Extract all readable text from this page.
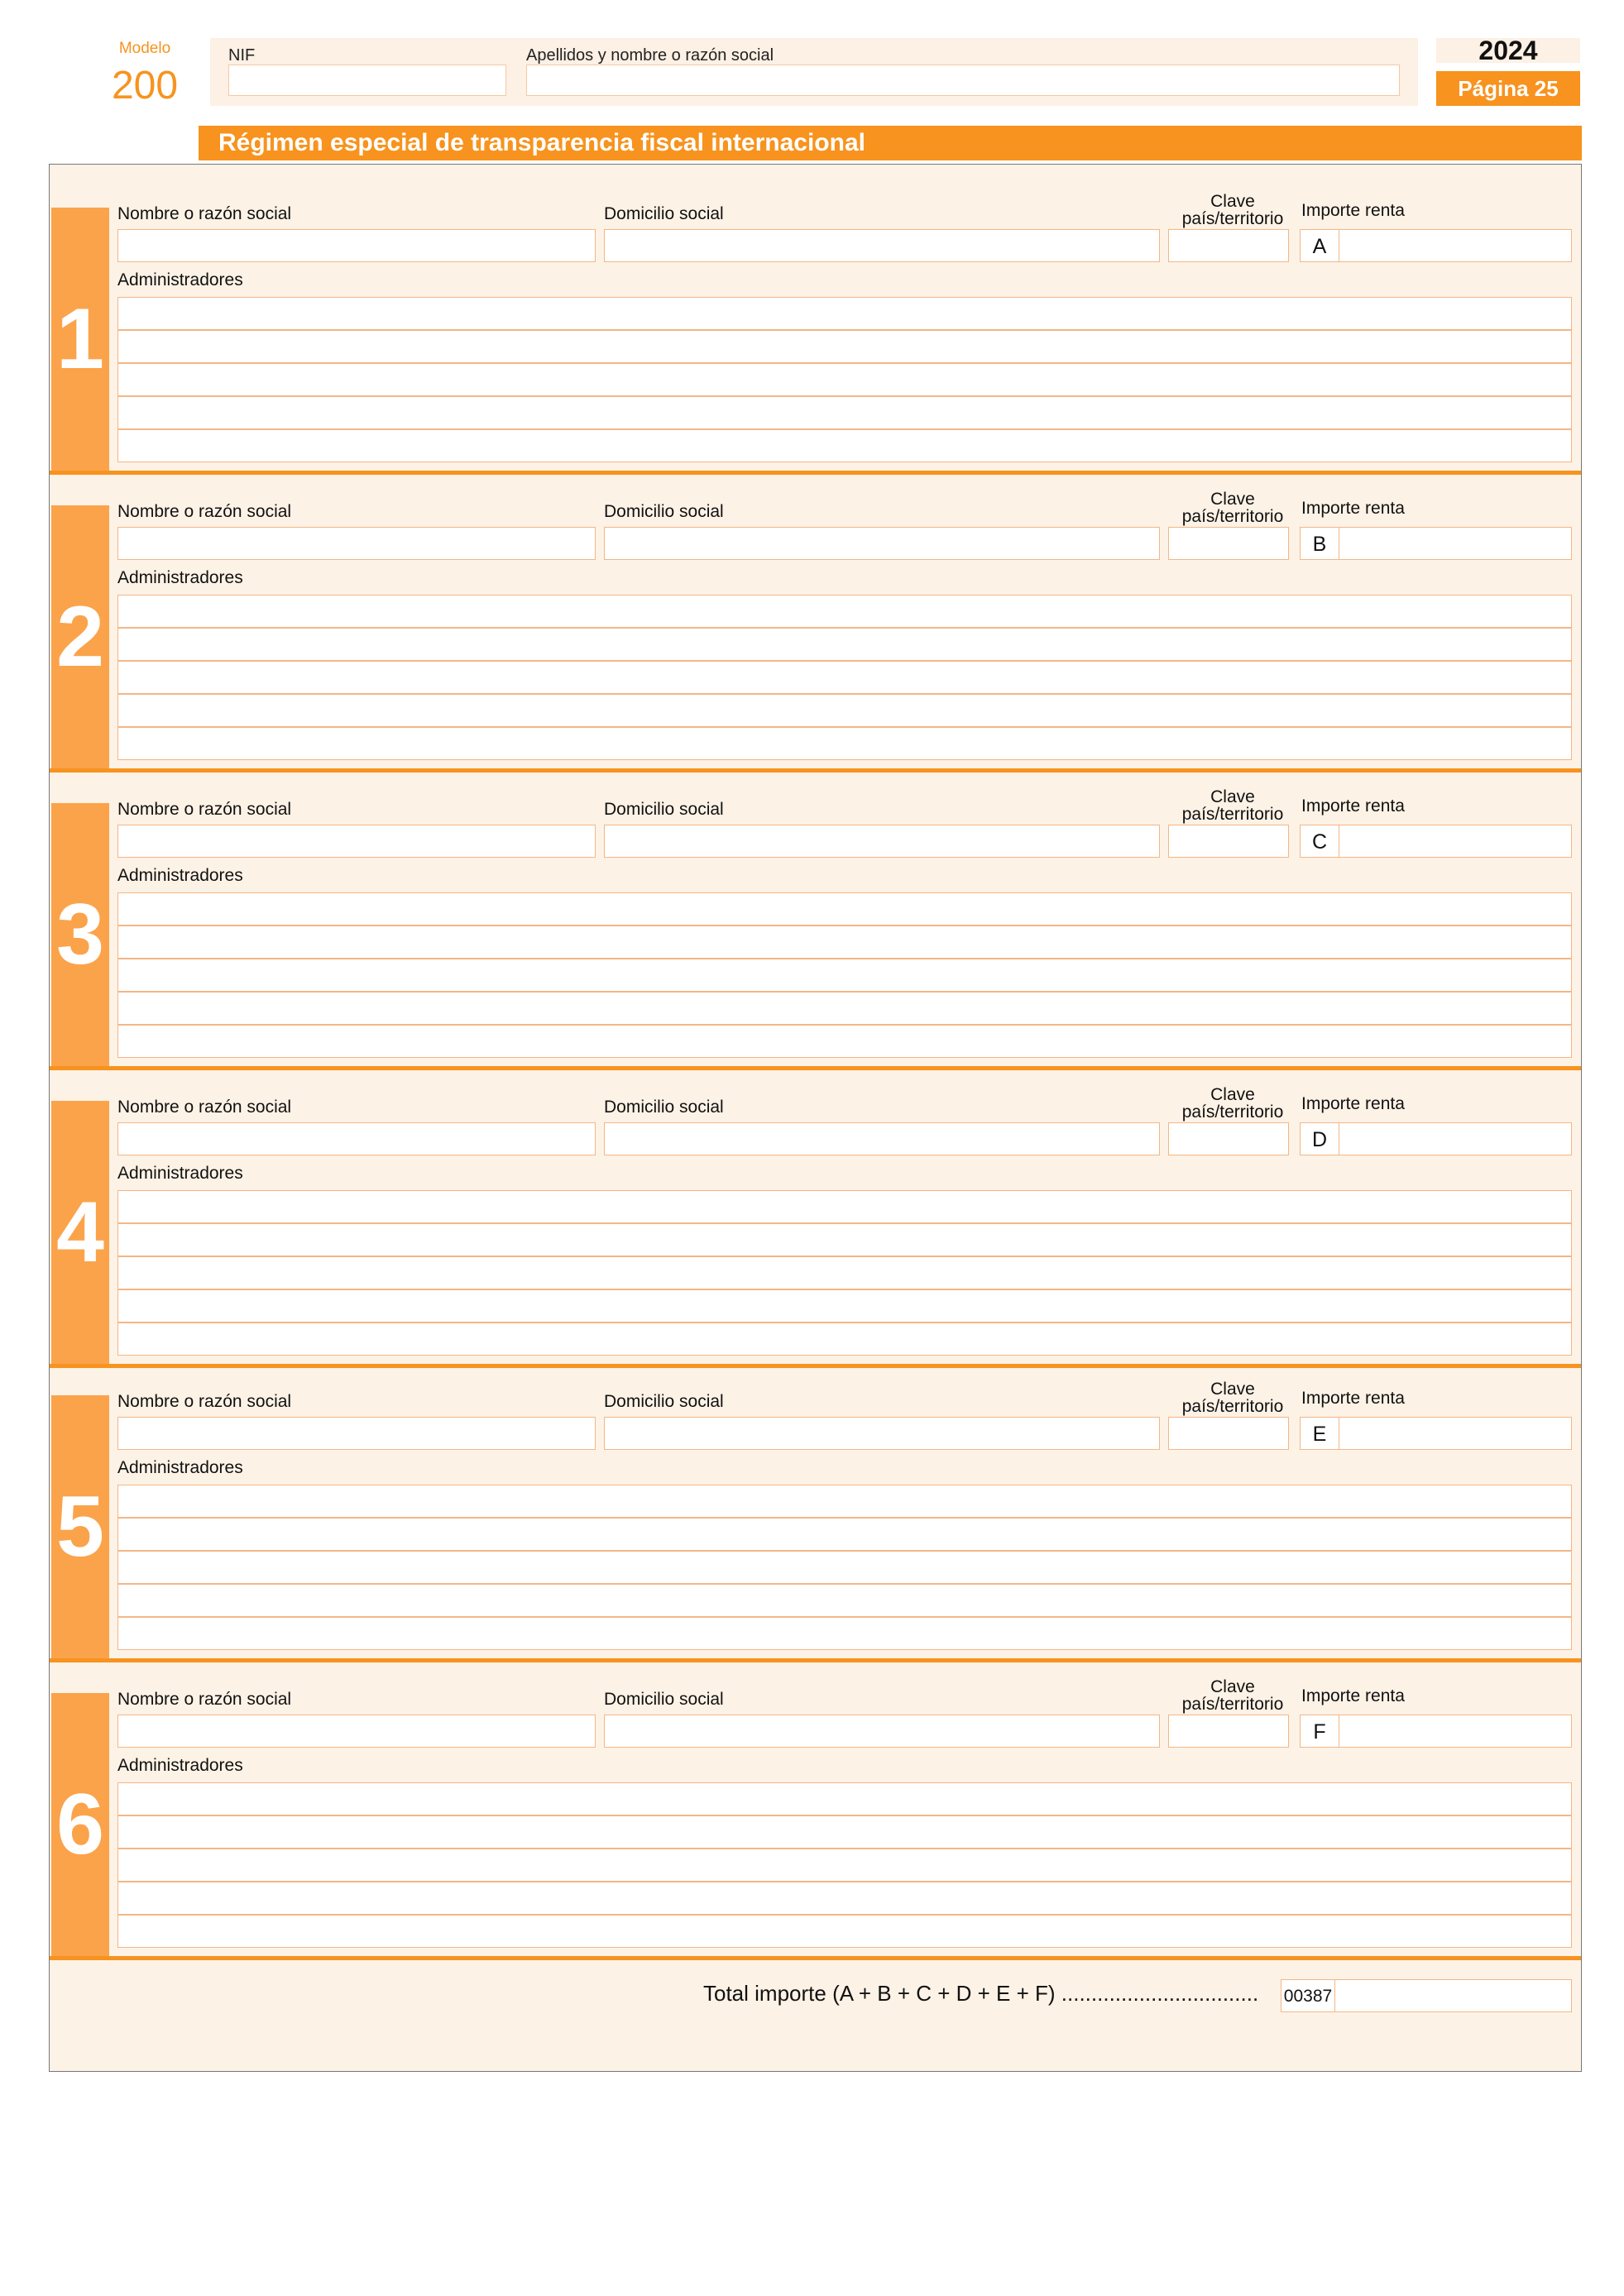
Modelo
200
NIF	Apellidos y nombre o razón social	2024
Página 25
Régimen especial de transparencia fiscal internacional
1
Nombre o razón social	Domicilio social
Clave
país/territorio	Importe renta
A
Administradores
2
Nombre o razón social	Domicilio social
Clave
país/territorio	Importe renta
B
Administradores
3
Nombre o razón social	Domicilio social
Clave
país/territorio	Importe renta
C
Administradores
4
Nombre o razón social	Domicilio social
Clave
país/territorio	Importe renta
D
Administradores
5
Nombre o razón social	Domicilio social
Clave
país/territorio	Importe renta
E
Administradores
6
Nombre o razón social	Domicilio social
Clave
país/territorio	Importe renta
F
Administradores
Total importe (A + B + C + D + E + F) ................................. 00387
